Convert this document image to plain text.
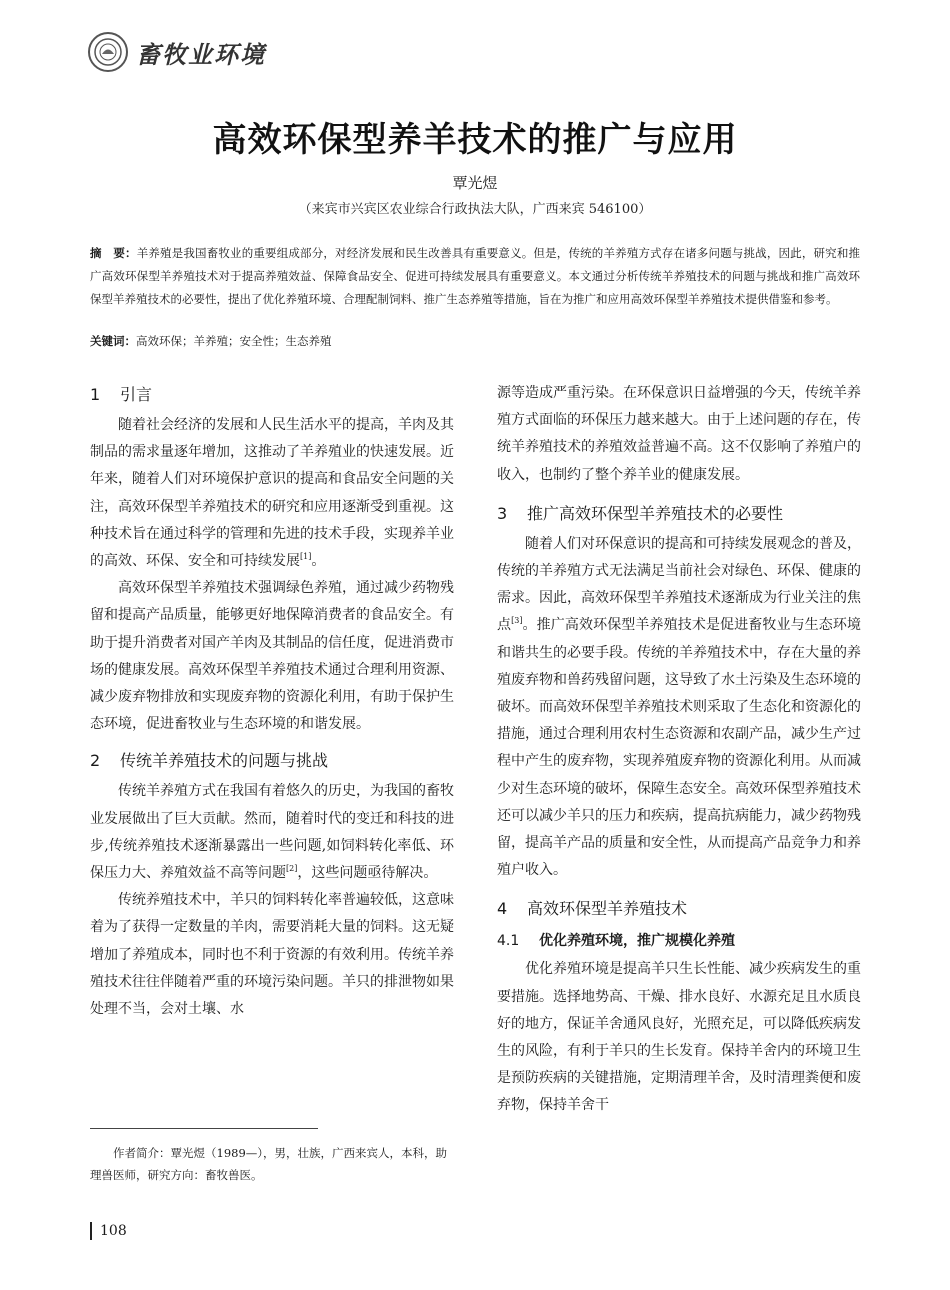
畜牧业环境
高效环保型养羊技术的推广与应用
覃光煜
（来宾市兴宾区农业综合行政执法大队，广西来宾 546100）
摘　要：羊养殖是我国畜牧业的重要组成部分，对经济发展和民生改善具有重要意义。但是，传统的羊养殖方式存在诸多问题与挑战，因此，研究和推广高效环保型羊养殖技术对于提高养殖效益、保障食品安全、促进可持续发展具有重要意义。本文通过分析传统羊养殖技术的问题与挑战和推广高效环保型羊养殖技术的必要性，提出了优化养殖环境、合理配制饲料、推广生态养殖等措施，旨在为推广和应用高效环保型羊养殖技术提供借鉴和参考。
关键词：高效环保；羊养殖；安全性；生态养殖
1 引言

随着社会经济的发展和人民生活水平的提高，羊肉及其制品的需求量逐年增加，这推动了羊养殖业的快速发展。近年来，随着人们对环境保护意识的提高和食品安全问题的关注，高效环保型羊养殖技术的研究和应用逐渐受到重视。这种技术旨在通过科学的管理和先进的技术手段，实现养羊业的高效、环保、安全和可持续发展[1]。

高效环保型羊养殖技术强调绿色养殖，通过减少药物残留和提高产品质量，能够更好地保障消费者的食品安全。有助于提升消费者对国产羊肉及其制品的信任度，促进消费市场的健康发展。高效环保型羊养殖技术通过合理利用资源、减少废弃物排放和实现废弃物的资源化利用，有助于保护生态环境，促进畜牧业与生态环境的和谐发展。

2 传统羊养殖技术的问题与挑战

传统羊养殖方式在我国有着悠久的历史，为我国的畜牧业发展做出了巨大贡献。然而，随着时代的变迁和科技的进步,传统养殖技术逐渐暴露出一些问题,如饲料转化率低、环保压力大、养殖效益不高等问题[2]，这些问题亟待解决。

传统养殖技术中，羊只的饲料转化率普遍较低，这意味着为了获得一定数量的羊肉，需要消耗大量的饲料。这无疑增加了养殖成本，同时也不利于资源的有效利用。传统羊养殖技术往往伴随着严重的环境污染问题。羊只的排泄物如果处理不当，会对土壤、水

源等造成严重污染。在环保意识日益增强的今天，传统羊养殖方式面临的环保压力越来越大。由于上述问题的存在，传统羊养殖技术的养殖效益普遍不高。这不仅影响了养殖户的收入，也制约了整个养羊业的健康发展。

3 推广高效环保型羊养殖技术的必要性

随着人们对环保意识的提高和可持续发展观念的普及，传统的羊养殖方式无法满足当前社会对绿色、环保、健康的需求。因此，高效环保型羊养殖技术逐渐成为行业关注的焦点[3]。推广高效环保型羊养殖技术是促进畜牧业与生态环境和谐共生的必要手段。传统的羊养殖技术中，存在大量的养殖废弃物和兽药残留问题，这导致了水土污染及生态环境的破坏。而高效环保型羊养殖技术则采取了生态化和资源化的措施，通过合理利用农村生态资源和农副产品，减少生产过程中产生的废弃物，实现养殖废弃物的资源化利用。从而减少对生态环境的破坏，保障生态安全。高效环保型养殖技术还可以减少羊只的压力和疾病，提高抗病能力，减少药物残留，提高羊产品的质量和安全性，从而提高产品竞争力和养殖户收入。

4 高效环保型羊养殖技术
4.1 优化养殖环境，推广规模化养殖

优化养殖环境是提高羊只生长性能、减少疾病发生的重要措施。选择地势高、干燥、排水良好、水源充足且水质良好的地方，保证羊舍通风良好，光照充足，可以降低疾病发生的风险，有利于羊只的生长发育。保持羊舍内的环境卫生是预防疾病的关键措施，定期清理羊舍，及时清理粪便和废弃物，保持羊舍干

作者简介：覃光煜（1989—），男，壮族，广西来宾人，本科，助理兽医师，研究方向：畜牧兽医。
108
